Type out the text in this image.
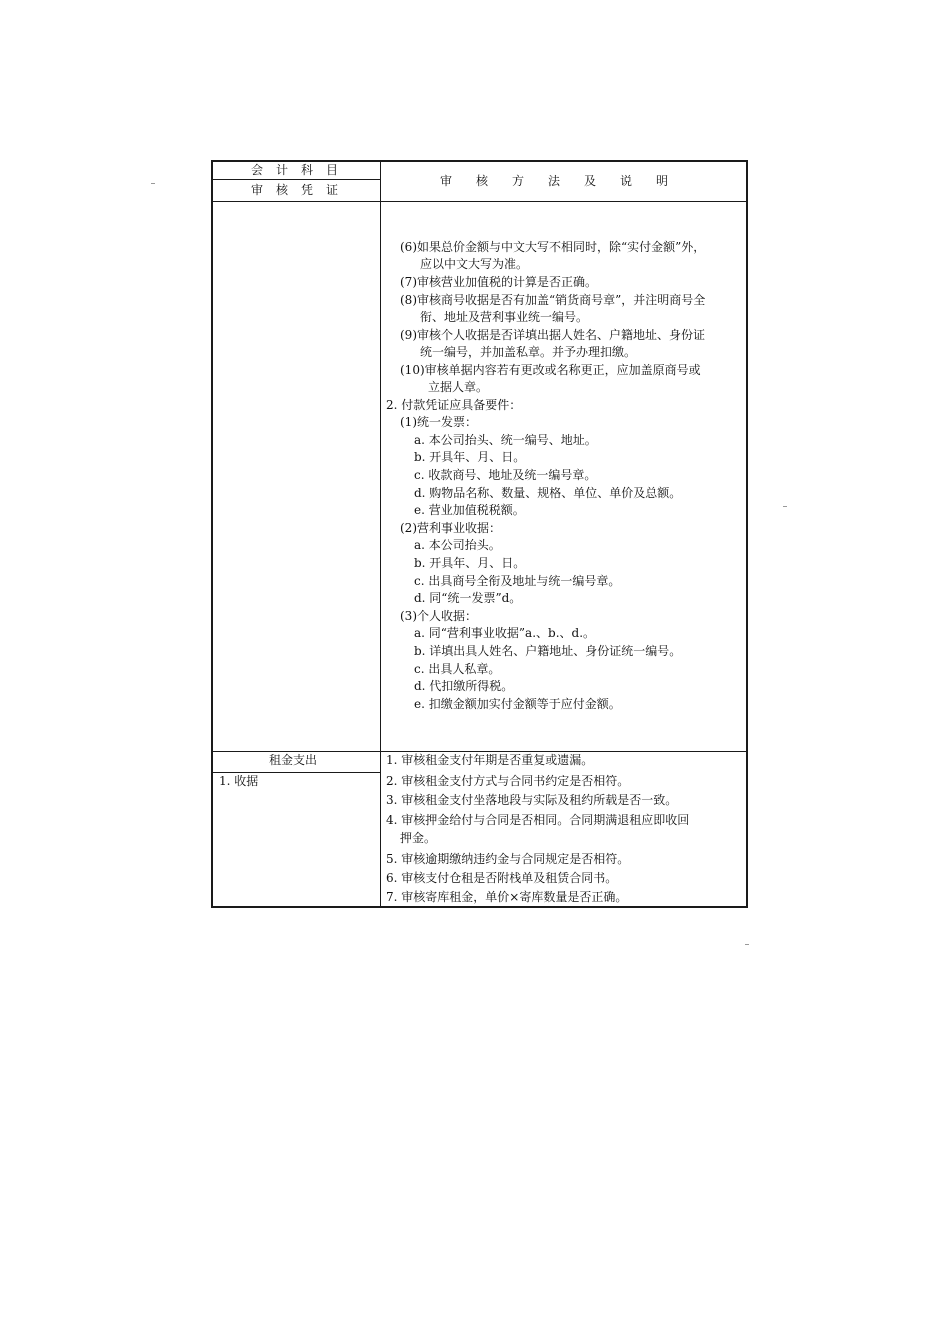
会计科目
审核凭证
审核方法及说明
租金支出
1. 收据
(6)如果总价金额与中文大写不相同时，除“实付金额”外，
应以中文大写为准。
(7)审核营业加值税的计算是否正确。
(8)审核商号收据是否有加盖“销货商号章”，并注明商号全
衔、地址及营利事业统一编号。
(9)审核个人收据是否详填出据人姓名、户籍地址、身份证
统一编号，并加盖私章。并予办理扣缴。
(10)审核单据内容若有更改或名称更正，应加盖原商号或
立据人章。
2. 付款凭证应具备要件：
(1)统一发票：
a. 本公司抬头、统一编号、地址。
b. 开具年、月、日。
c. 收款商号、地址及统一编号章。
d. 购物品名称、数量、规格、单位、单价及总额。
e. 营业加值税税额。
(2)营利事业收据：
a. 本公司抬头。
b. 开具年、月、日。
c. 出具商号全衔及地址与统一编号章。
d. 同“统一发票”d。
(3)个人收据：
a. 同“营利事业收据”a.、b.、d.。
b. 详填出具人姓名、户籍地址、身份证统一编号。
c. 出具人私章。
d. 代扣缴所得税。
e. 扣缴金额加实付金额等于应付金额。
1. 审核租金支付年期是否重复或遗漏。
2. 审核租金支付方式与合同书约定是否相符。
3. 审核租金支付坐落地段与实际及租约所载是否一致。
4. 审核押金给付与合同是否相同。合同期满退租应即收回
押金。
5. 审核逾期缴纳违约金与合同规定是否相符。
6. 审核支付仓租是否附栈单及租赁合同书。
7. 审核寄库租金，单价×寄库数量是否正确。
